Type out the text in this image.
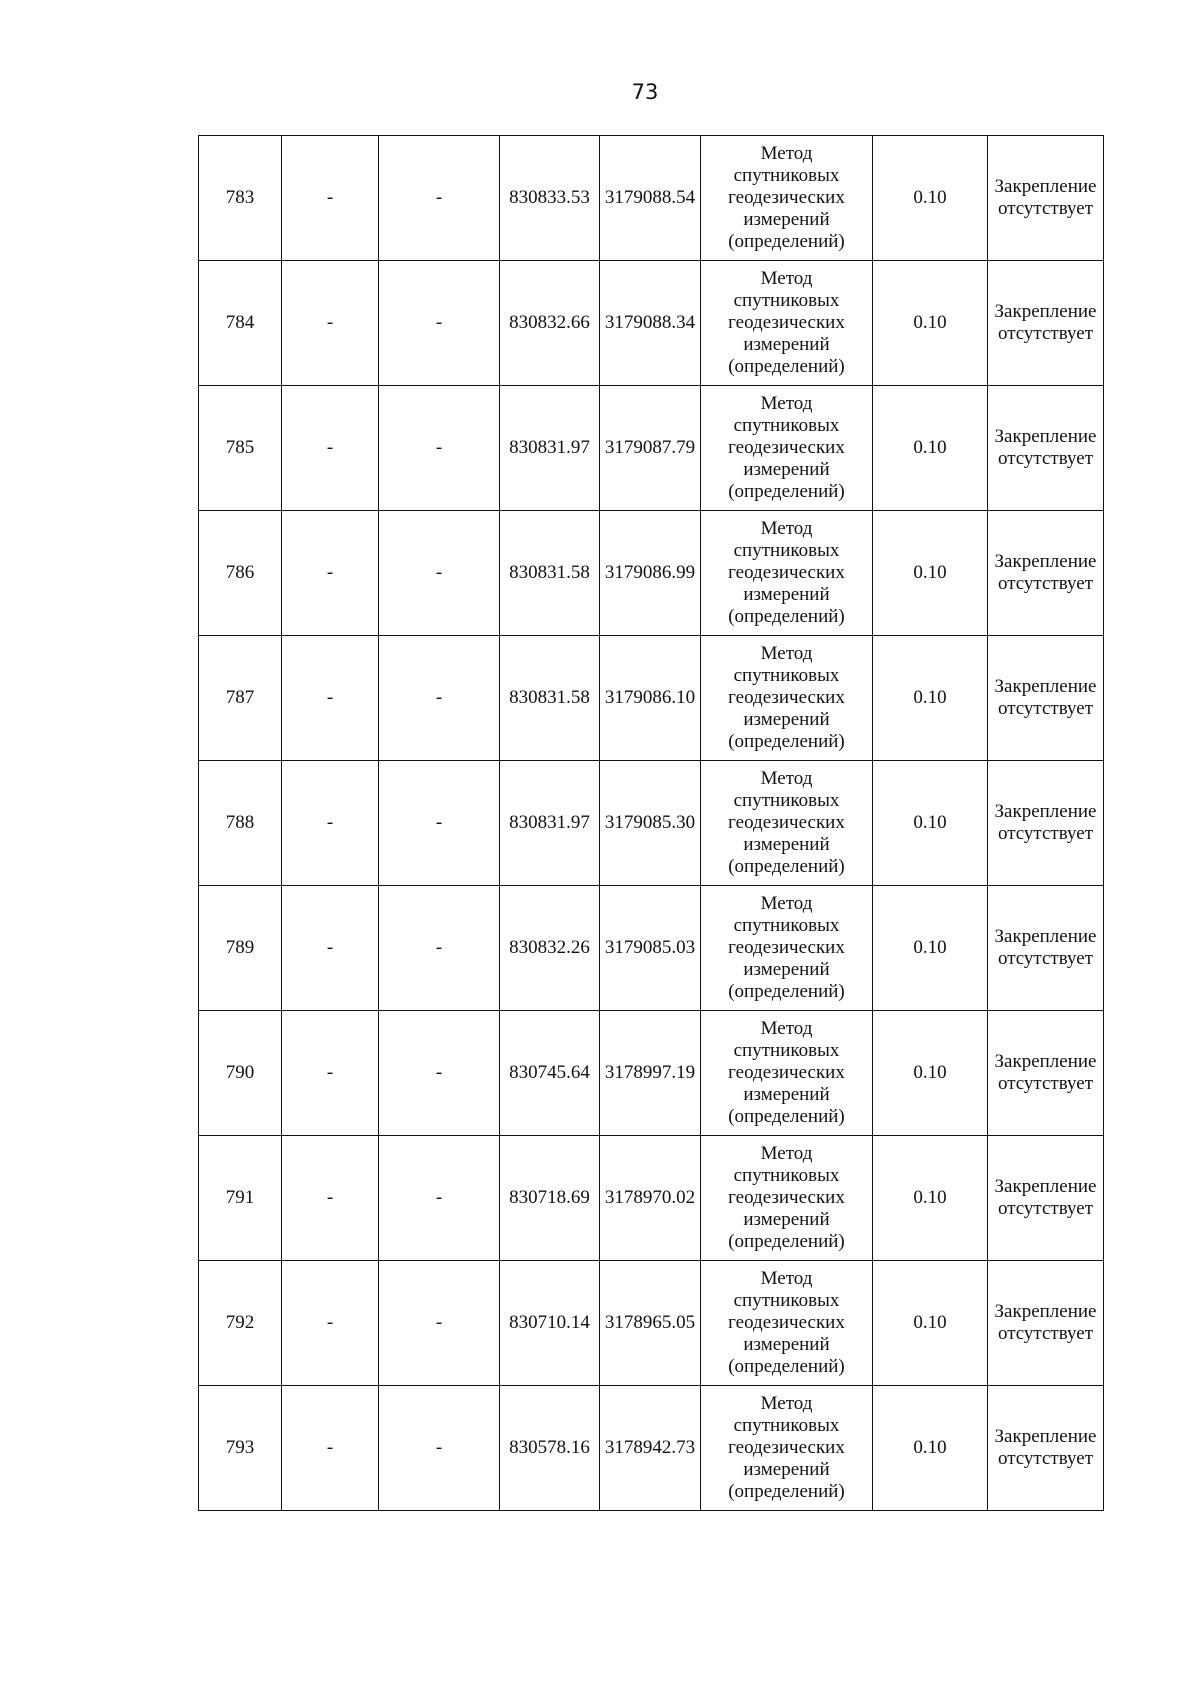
73
783	-	-	830833.53	3179088.54	Метод
спутниковых
геодезических
измерений
(определений)	0.10	Закрепление
отсутствует
784	-	-	830832.66	3179088.34	Метод
спутниковых
геодезических
измерений
(определений)	0.10	Закрепление
отсутствует
785	-	-	830831.97	3179087.79	Метод
спутниковых
геодезических
измерений
(определений)	0.10	Закрепление
отсутствует
786	-	-	830831.58	3179086.99	Метод
спутниковых
геодезических
измерений
(определений)	0.10	Закрепление
отсутствует
787	-	-	830831.58	3179086.10	Метод
спутниковых
геодезических
измерений
(определений)	0.10	Закрепление
отсутствует
788	-	-	830831.97	3179085.30	Метод
спутниковых
геодезических
измерений
(определений)	0.10	Закрепление
отсутствует
789	-	-	830832.26	3179085.03	Метод
спутниковых
геодезических
измерений
(определений)	0.10	Закрепление
отсутствует
790	-	-	830745.64	3178997.19	Метод
спутниковых
геодезических
измерений
(определений)	0.10	Закрепление
отсутствует
791	-	-	830718.69	3178970.02	Метод
спутниковых
геодезических
измерений
(определений)	0.10	Закрепление
отсутствует
792	-	-	830710.14	3178965.05	Метод
спутниковых
геодезических
измерений
(определений)	0.10	Закрепление
отсутствует
793	-	-	830578.16	3178942.73	Метод
спутниковых
геодезических
измерений
(определений)	0.10	Закрепление
отсутствует
